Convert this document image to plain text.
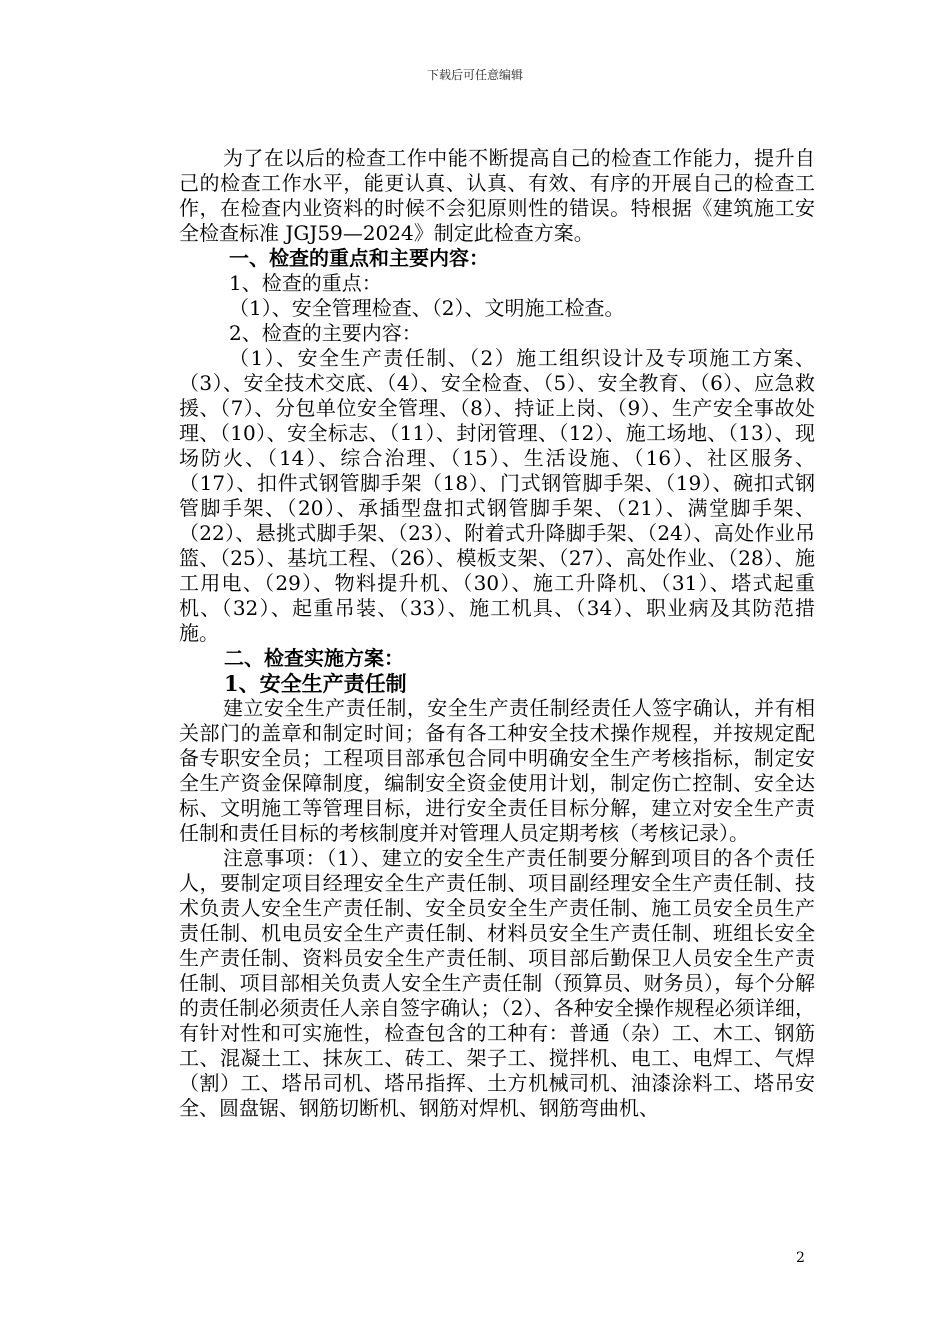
下载后可任意编辑

为了在以后的检查工作中能不断提高自己的检查工作能力，提升自己的检查工作水平，能更认真、认真、有效、有序的开展自己的检查工作，在检查内业资料的时候不会犯原则性的错误。特根据《建筑施工安全检查标准 JGJ59—2024》制定此检查方案。

一、检查的重点和主要内容：

1、检查的重点：

（1）、安全管理检查、（2）、文明施工检查。

2、检查的主要内容：

（1）、安全生产责任制、（2）施工组织设计及专项施工方案、（3）、安全技术交底、（4）、安全检查、（5）、安全教育、（6）、应急救援、（7）、分包单位安全管理、（8）、持证上岗、（9）、生产安全事故处理、（10）、安全标志、（11）、封闭管理、（12）、施工场地、（13）、现场防火、（14）、综合治理、（15）、生活设施、（16）、社区服务、（17）、扣件式钢管脚手架（18）、门式钢管脚手架、（19）、碗扣式钢管脚手架、（20）、承插型盘扣式钢管脚手架、（21）、满堂脚手架、（22）、悬挑式脚手架、（23）、附着式升降脚手架、（24）、高处作业吊篮、（25）、基坑工程、（26）、模板支架、（27）、高处作业、（28）、施工用电、（29）、物料提升机、（30）、施工升降机、（31）、塔式起重机、（32）、起重吊装、（33）、施工机具、（34）、职业病及其防范措施。

二、检查实施方案：

1、安全生产责任制

建立安全生产责任制，安全生产责任制经责任人签字确认，并有相关部门的盖章和制定时间；备有各工种安全技术操作规程，并按规定配备专职安全员；工程项目部承包合同中明确安全生产考核指标，制定安全生产资金保障制度，编制安全资金使用计划，制定伤亡控制、安全达标、文明施工等管理目标，进行安全责任目标分解，建立对安全生产责任制和责任目标的考核制度并对管理人员定期考核（考核记录）。

注意事项：（1）、建立的安全生产责任制要分解到项目的各个责任人，要制定项目经理安全生产责任制、项目副经理安全生产责任制、技术负责人安全生产责任制、安全员安全生产责任制、施工员安全员生产责任制、机电员安全生产责任制、材料员安全生产责任制、班组长安全生产责任制、资料员安全生产责任制、项目部后勤保卫人员安全生产责任制、项目部相关负责人安全生产责任制（预算员、财务员），每个分解的责任制必须责任人亲自签字确认；（2）、各种安全操作规程必须详细，有针对性和可实施性，检查包含的工种有：普通（杂）工、木工、钢筋工、混凝土工、抹灰工、砖工、架子工、搅拌机、电工、电焊工、气焊（割）工、塔吊司机、塔吊指挥、土方机械司机、油漆涂料工、塔吊安全、圆盘锯、钢筋切断机、钢筋对焊机、钢筋弯曲机、

2
